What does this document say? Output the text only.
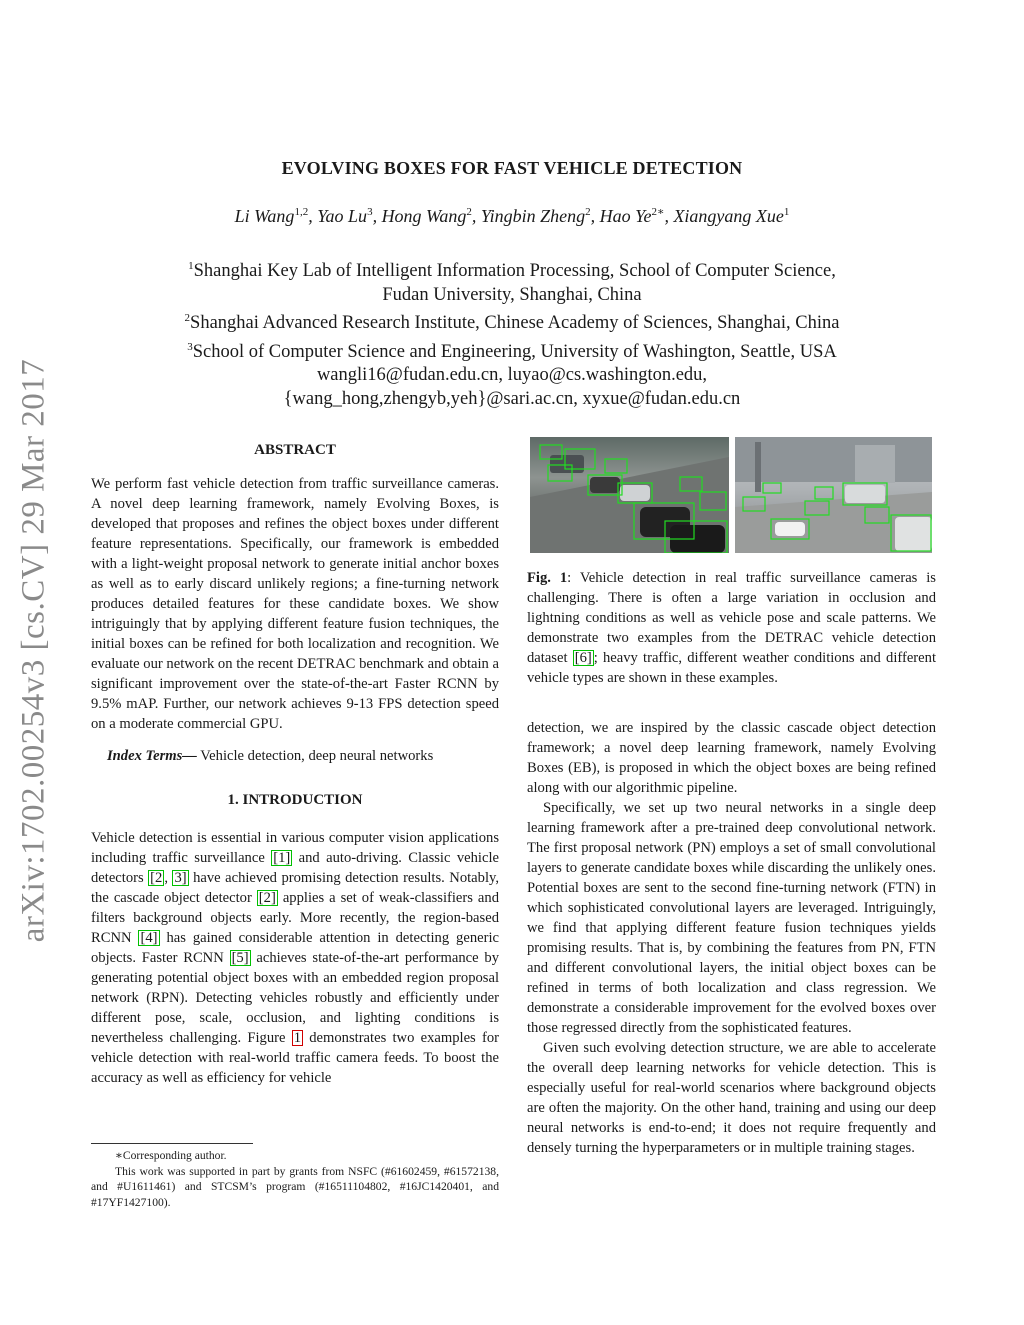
arXiv:1702.00254v3 [cs.CV] 29 Mar 2017
EVOLVING BOXES FOR FAST VEHICLE DETECTION
Li Wang$^{1,2}$, Yao Lu$^3$, Hong Wang$^2$, Yingbin Zheng$^2$, Hao $Ye^{2∗}$, Xiangyang Xue$^1$
$^1$Shanghai Key Lab of Intelligent Information Processing, School of Computer Science,
Fudan University, Shanghai, China
$^2$Shanghai Advanced Research Institute, Chinese Academy of Sciences, Shanghai, China
$^3$School of Computer Science and Engineering, University of Washington, Seattle, USA
wangli16@fudan.edu.cn, luyao@cs.washington.edu,
{wang_hong,zhengyb,yeh}@sari.ac.cn, xyxue@fudan.edu.cn
ABSTRACT

We perform fast vehicle detection from traffic surveillance cameras. A novel deep learning framework, namely Evolving Boxes, is developed that proposes and refines the object boxes under different feature representations. Specifically, our framework is embedded with a light-weight proposal network to generate initial anchor boxes as well as to early discard unlikely regions; a fine-turning network produces detailed features for these candidate boxes. We show intriguingly that by applying different feature fusion techniques, the initial boxes can be refined for both localization and recognition. We evaluate our network on the recent DETRAC benchmark and obtain a significant improvement over the state-of-the-art Faster RCNN by 9.5% mAP. Further, our network achieves 9-13 FPS detection speed on a moderate commercial GPU.

Index Terms— Vehicle detection, deep neural networks

1. INTRODUCTION

Vehicle detection is essential in various computer vision applications including traffic surveillance [1] and auto-driving. Classic vehicle detectors [2 , 3] have achieved promising detection results. Notably, the cascade object detector [2] applies a set of weak-classifiers and filters background objects early. More recently, the region-based RCNN [4] has gained considerable attention in detecting generic objects. Faster RCNN [5] achieves state-of-the-art performance by generating potential object boxes with an embedded region proposal network (RPN). Detecting vehicles robustly and efficiently under different pose, scale, occlusion, and lighting conditions is nevertheless challenging. Figure 1 demonstrates two examples for vehicle detection with real-world traffic camera feeds. To boost the accuracy as well as efficiency for vehicle

∗Corresponding author.

This work was supported in part by grants from NSFC (#61602459, #61572138, and #U1611461) and STCSM’s program (#16511104802, #16JC1420401, and #17YF1427100).

Fig. 1: Vehicle detection in real traffic surveillance cameras is challenging. There is often a large variation in occlusion and lightning conditions as well as vehicle pose and scale patterns. We demonstrate two examples from the DETRAC vehicle detection dataset [6] ; heavy traffic, different weather conditions and different vehicle types are shown in these examples.

detection, we are inspired by the classic cascade object detection framework; a novel deep learning framework, namely Evolving Boxes (EB), is proposed in which the object boxes are being refined along with our algorithmic pipeline.

Specifically, we set up two neural networks in a single deep learning framework after a pre-trained deep convolutional network. The first proposal network (PN) employs a set of small convolutional layers to generate candidate boxes while discarding the unlikely ones. Potential boxes are sent to the second fine-turning network (FTN) in which sophisticated convolutional layers are leveraged. Intriguingly, we find that applying different feature fusion techniques yields promising results. That is, by combining the features from PN, FTN and different convolutional layers, the initial object boxes can be refined in terms of both localization and class regression. We demonstrate a considerable improvement for the evolved boxes over those regressed directly from the sophisticated features.

Given such evolving detection structure, we are able to accelerate the overall deep learning networks for vehicle detection. This is especially useful for real-world scenarios where background objects are often the majority. On the other hand, training and using our deep neural networks is end-to-end; it does not require frequently and densely turning the hyperparameters or in multiple training stages.
